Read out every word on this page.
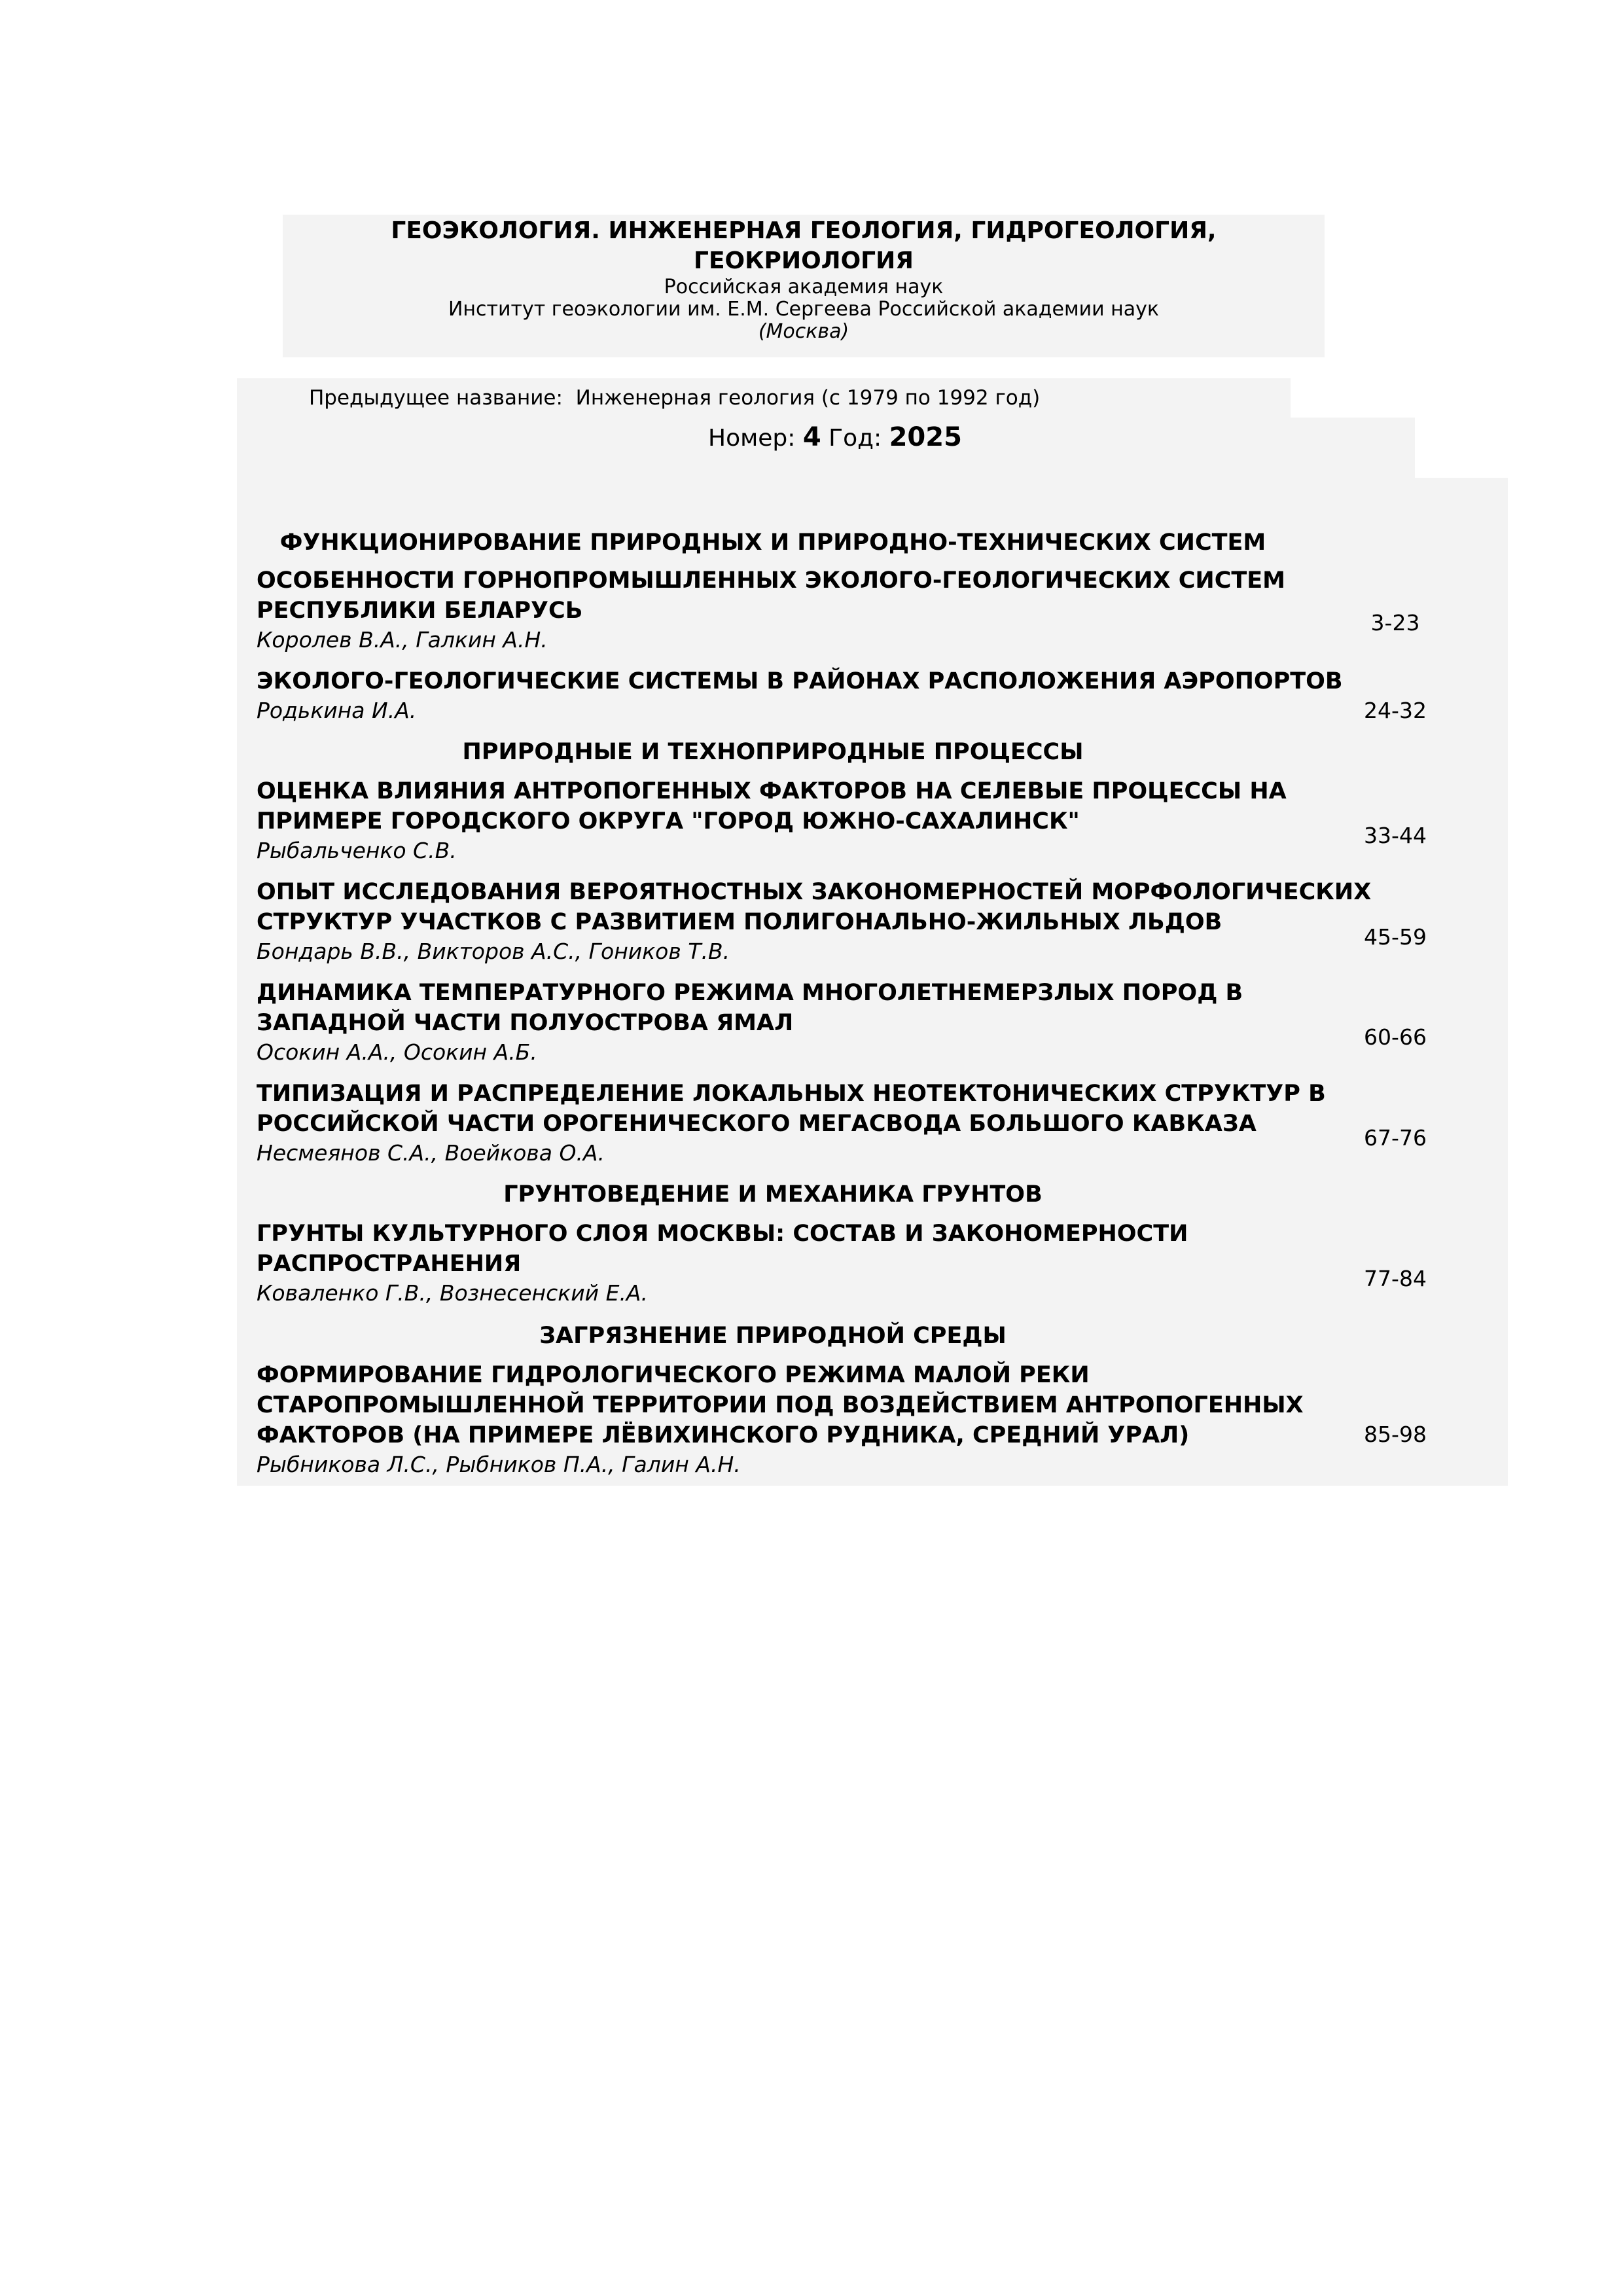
ГЕОЭКОЛОГИЯ. ИНЖЕНЕРНАЯ ГЕОЛОГИЯ, ГИДРОГЕОЛОГИЯ,
ГЕОКРИОЛОГИЯ
Российская академия наук
Институт геоэкологии им. Е.М. Сергеева Российской академии наук
(Москва)
Предыдущее название: Инженерная геология (с 1979 по 1992 год)
Номер: 4 Год: 2025
ФУНКЦИОНИРОВАНИЕ ПРИРОДНЫХ И ПРИРОДНО-ТЕХНИЧЕСКИХ СИСТЕМ
ОСОБЕННОСТИ ГОРНОПРОМЫШЛЕННЫХ ЭКОЛОГО-ГЕОЛОГИЧЕСКИХ СИСТЕМ
РЕСПУБЛИКИ БЕЛАРУСЬ
Королев В.А., Галкин А.Н.
3-23
ЭКОЛОГО-ГЕОЛОГИЧЕСКИЕ СИСТЕМЫ В РАЙОНАХ РАСПОЛОЖЕНИЯ АЭРОПОРТОВ
Родькина И.А.	24-32
ПРИРОДНЫЕ И ТЕХНОПРИРОДНЫЕ ПРОЦЕССЫ
ОЦЕНКА ВЛИЯНИЯ АНТРОПОГЕННЫХ ФАКТОРОВ НА СЕЛЕВЫЕ ПРОЦЕССЫ НА
ПРИМЕРЕ ГОРОДСКОГО ОКРУГА "ГОРОД ЮЖНО-САХАЛИНСК"
Рыбальченко С.В.
33-44
ОПЫТ ИССЛЕДОВАНИЯ ВЕРОЯТНОСТНЫХ ЗАКОНОМЕРНОСТЕЙ МОРФОЛОГИЧЕСКИХ
СТРУКТУР УЧАСТКОВ С РАЗВИТИЕМ ПОЛИГОНАЛЬНО-ЖИЛЬНЫХ ЛЬДОВ
Бондарь В.В., Викторов А.С., Гоников Т.В.
45-59
ДИНАМИКА ТЕМПЕРАТУРНОГО РЕЖИМА МНОГОЛЕТНЕМЕРЗЛЫХ ПОРОД В
ЗАПАДНОЙ ЧАСТИ ПОЛУОСТРОВА ЯМАЛ
Осокин А.А., Осокин А.Б.
60-66
ТИПИЗАЦИЯ И РАСПРЕДЕЛЕНИЕ ЛОКАЛЬНЫХ НЕОТЕКТОНИЧЕСКИХ СТРУКТУР В
РОССИЙСКОЙ ЧАСТИ ОРОГЕНИЧЕСКОГО МЕГАСВОДА БОЛЬШОГО КАВКАЗА
Несмеянов С.А., Воейкова О.А.
67-76
ГРУНТОВЕДЕНИЕ И МЕХАНИКА ГРУНТОВ
ГРУНТЫ КУЛЬТУРНОГО СЛОЯ МОСКВЫ: СОСТАВ И ЗАКОНОМЕРНОСТИ
РАСПРОСТРАНЕНИЯ
Коваленко Г.В., Вознесенский Е.А.
77-84
ЗАГРЯЗНЕНИЕ ПРИРОДНОЙ СРЕДЫ
ФОРМИРОВАНИЕ ГИДРОЛОГИЧЕСКОГО РЕЖИМА МАЛОЙ РЕКИ
СТАРОПРОМЫШЛЕННОЙ ТЕРРИТОРИИ ПОД ВОЗДЕЙСТВИЕМ АНТРОПОГЕННЫХ
ФАКТОРОВ (НА ПРИМЕРЕ ЛЁВИХИНСКОГО РУДНИКА, СРЕДНИЙ УРАЛ)
Рыбникова Л.С., Рыбников П.А., Галин А.Н.
85-98
